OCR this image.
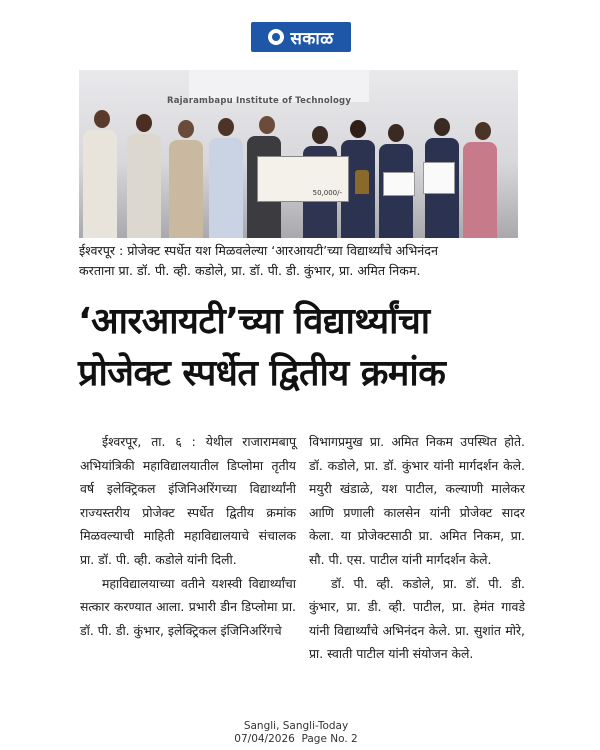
सकाळ
Rajarambapu Institute of Technology
50,000/-
ईश्वरपूर : प्रोजेक्ट स्पर्धेत यश मिळवलेल्या ‘आरआयटी’च्या विद्यार्थ्यांचे अभिनंदन
करताना प्रा. डॉ. पी. व्ही. कडोले, प्रा. डॉ. पी. डी. कुंभार, प्रा. अमित निकम.
‘आरआयटी’च्या विद्यार्थ्यांचा
प्रोजेक्ट स्पर्धेत द्वितीय क्रमांक

ईश्वरपूर, ता. ६ : येथील राजारामबापू अभियांत्रिकी महाविद्यालयातील डिप्लोमा तृतीय वर्ष इलेक्ट्रिकल इंजिनिअरिंगच्या विद्यार्थ्यांनी राज्यस्तरीय प्रोजेक्ट स्पर्धेत द्वितीय क्रमांक मिळवल्याची माहिती महाविद्यालयाचे संचालक प्रा. डॉ. पी. व्ही. कडोले यांनी दिली.

महाविद्यालयाच्या वतीने यशस्वी विद्यार्थ्यांचा सत्कार करण्यात आला. प्रभारी डीन डिप्लोमा प्रा. डॉ. पी. डी. कुंभार, इलेक्ट्रिकल इंजिनिअरिंगचे

विभागप्रमुख प्रा. अमित निकम उपस्थित होते. डॉ. कडोले, प्रा. डॉ. कुंभार यांनी मार्गदर्शन केले. मयुरी खंडाळे, यश पाटील, कल्याणी मालेकर आणि प्रणाली कालसेन यांनी प्रोजेक्ट सादर केला. या प्रोजेक्टसाठी प्रा. अमित निकम, प्रा. सौ. पी. एस. पाटील यांनी मार्गदर्शन केले.

डॉ. पी. व्ही. कडोले, प्रा. डॉ. पी. डी. कुंभार, प्रा. डी. व्ही. पाटील, प्रा. हेमंत गावडे यांनी विद्यार्थ्यांचे अभिनंदन केले. प्रा. सुशांत मोरे, प्रा. स्वाती पाटील यांनी संयोजन केले.

Sangli, Sangli-Today
07/04/2026  Page No. 2
